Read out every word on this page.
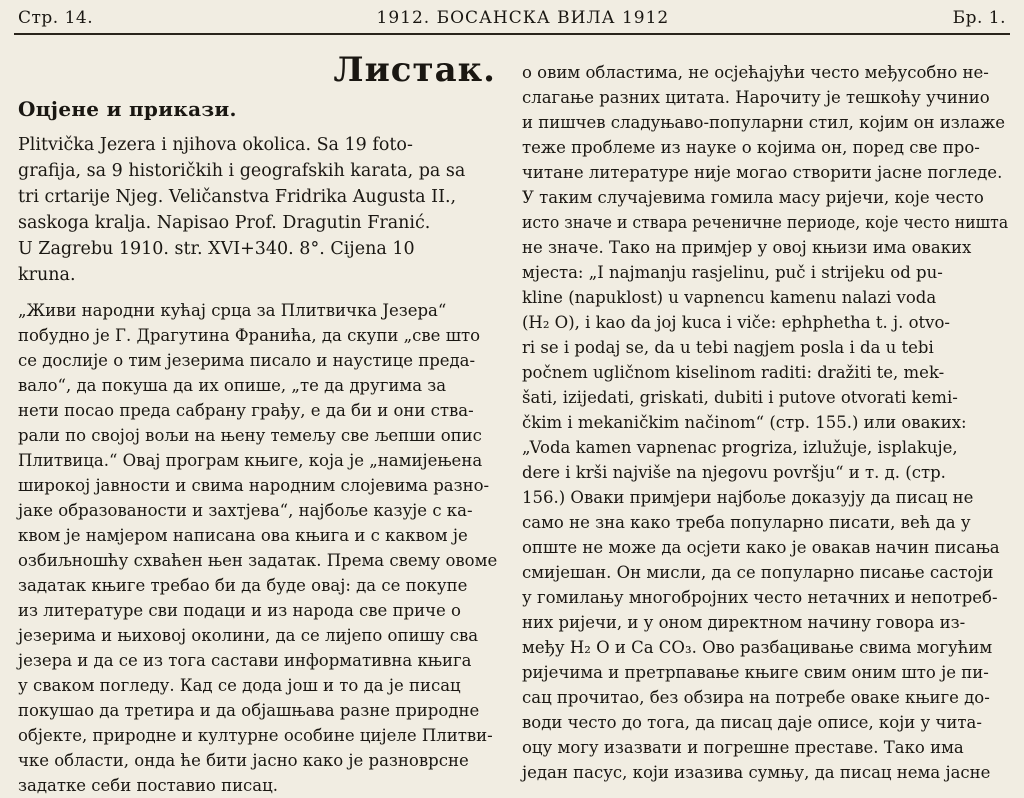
Стр. 14.	1912. БОСАНСКА ВИЛА 1912	Бр. 1.
Листак.
Оцјене и прикази.
Plitvička Jezera i njihova okolica. Sa 19 foto-
grafija, sa 9 historičkih i geografskih karata, pa sa
tri crtarije Njeg. Veličanstva Fridrika Augusta II.,
saskoga kralja. Napisao Prof. Dragutin Franić.
U Zagrebu 1910. str. XVI+340. 8°. Cijena 10
kruna.
„Живи народни кућај срца за Плитвичка Језера“
побудно је Г. Драгутина Франића, да скупи „све што
се дослије о тим језерима писало и наустице преда-
вало“, да покуша да их опише, „те да другима за
нети посао преда сабрану грађу, е да би и они ства-
рали по својој вољи на њену темељу све љепши опис
Плитвица.“ Овај програм књиге, која је „намијењена
широкој јавности и свима народним слојевима разно-
јаке образованости и захтјева“, најбоље казује с ка-
квом је намјером написана ова књига и с каквом је
озбиљношћу схваћен њен задатак. Према свему овоме
задатак књиге требао би да буде овај: да се покупе
из литературе сви подаци и из народа све приче о
језерима и њиховој околини, да се лијепо опишу сва
језера и да се из тога састави информативна књига
у сваком погледу. Кад се дода још и то да је писац
покушао да третира и да објашњава разне природне
објекте, природне и културне особине цијеле Плитви-
чке области, онда ће бити јасно како је разноврсне
задатке себи поставио писац.
о овим областима, не осјећајући често међусобно не-
слагање разних цитата. Нарочиту је тешкоћу учинио
и пишчев сладуњаво-популарни стил, којим он излаже
теже проблеме из науке о којима он, поред све про-
читане литературе није могао створити јасне погледе.
У таким случајевима гомила масу ријечи, које често
исто значе и ствара реченичне периоде, које често ништа
не значе. Тако на примјер у овој књизи има оваких
мјеста: „I najmanju rasjelinu, puč i strijeku od pu-
kline (napuklost) u vapnencu kamenu nalazi voda
(H₂ O), i kao da joj kuca i viče: ephphetha t. j. otvo-
ri se i podaj se, da u tebi nagjem posla i da u tebi
počnem ugličnom kiselinom raditi: dražiti te, mek-
šati, izijedati, griskati, dubiti i putove otvorati kemi-
čkim i mekaničkim načinom“ (стр. 155.) или оваких:
„Voda kamen vapnenac progriza, izlužuje, isplakuje,
dere i krši najviše na njegovu površju“ и т. д. (стр.
156.) Оваки примјери најбоље доказују да писац не
само не зна како треба популарно писати, већ да у
опште не може да осјети како је овакав начин писања
смијешан. Он мисли, да се популарно писање састоји
у гомилању многобројних често нетачних и непотреб-
них ријечи, и у оном директном начину говора из-
међу H₂ O и Ca CO₃. Ово разбацивање свима могућим
ријечима и претрпавање књиге свим оним што је пи-
сац прочитао, без обзира на потребе оваке књиге до-
води често до тога, да писац даје описе, који у чита-
оцу могу изазвати и погрешне преставе. Тако има
један пасус, који изазива сумњу, да писац нема јасне
